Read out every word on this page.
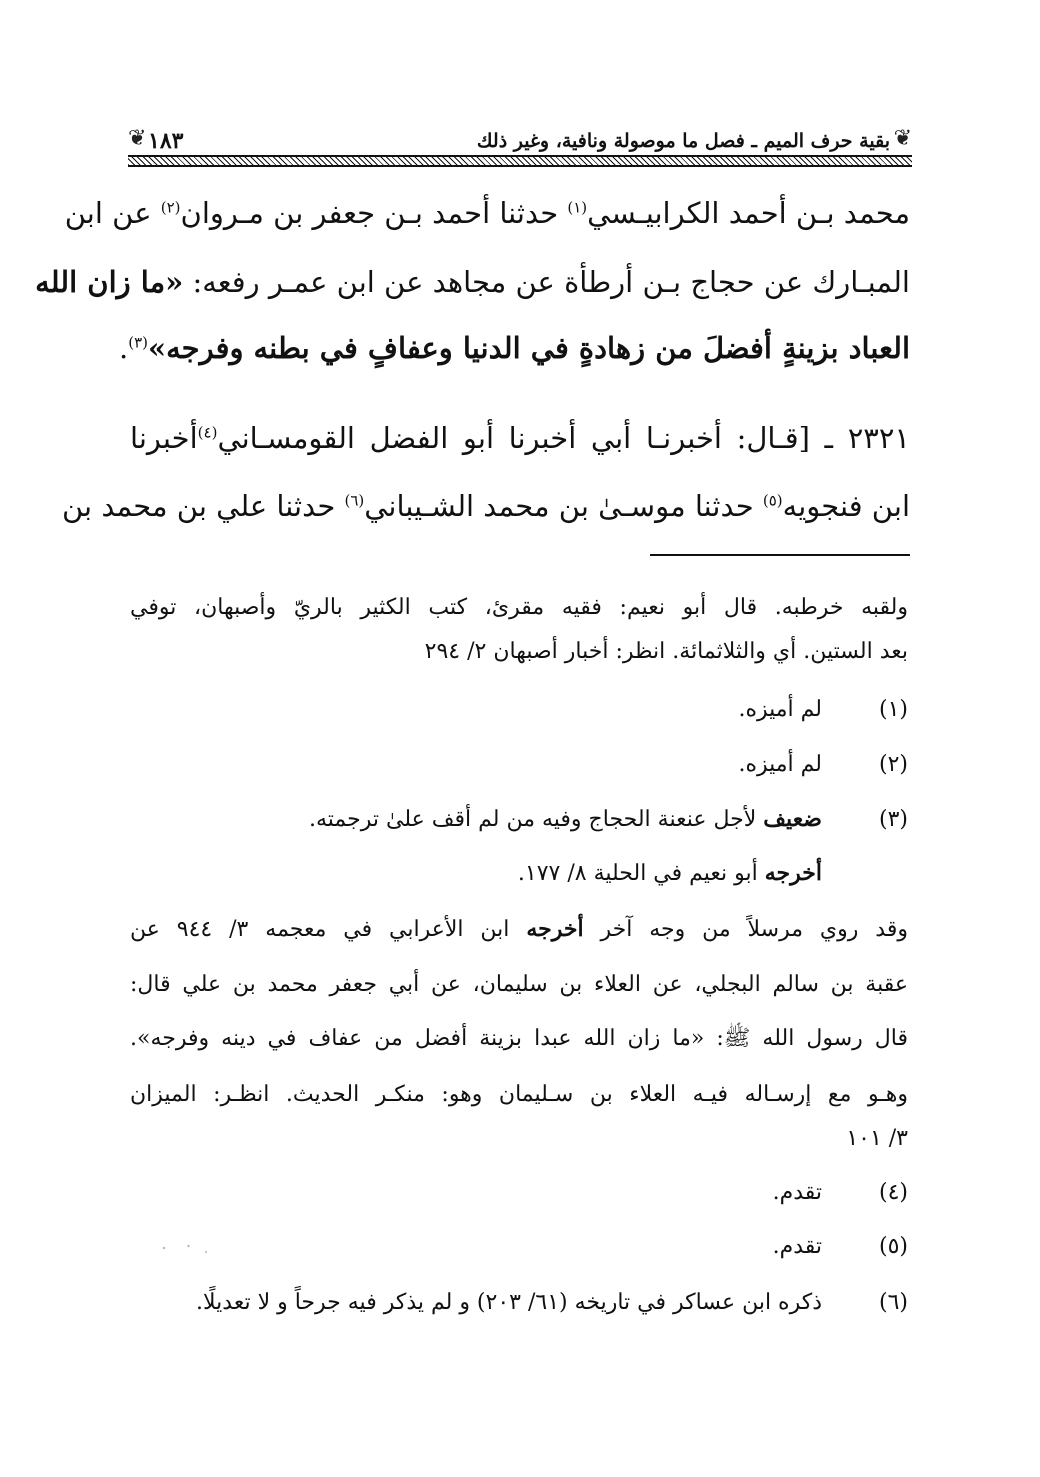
❦
بقية حرف الميم ـ فصل ما موصولة ونافية، وغير ذلك
١٨٣
❦
محمد بـن أحمد الكرابيـسي$^{(١)}$ حدثنا أحمد بـن جعفر بن مـروان$^{(٢)}$ عن ابن
المبـارك عن حجاج بـن أرطأة عن مجاهد عن ابن عمـر رفعه: «ما زان الله
العباد بزينةٍ أفضلَ من زهادةٍ في الدنيا وعفافٍ في بطنه وفرجه»$^{(٣)}$.
٢٣٢١ ـ [قـال: أخبرنـا أبي أخبرنا أبو الفضل القومسـاني$^{(٤)}$أخبرنا
ابن فنجويه$^{(٥)}$ حدثنا موسـىٰ بن محمد الشـيباني$^{(٦)}$ حدثنا علي بن محمد بن
ولقبه خرطبه. قال أبو نعيم: فقيه مقرئ، كتب الكثير بالريّ وأصبهان، توفي
بعد الستين. أي والثلاثمائة. انظر: أخبار أصبهان ٢/ ٢٩٤
(١)لم أميزه.
(٢)لم أميزه.
(٣)ضعيف لأجل عنعنة الحجاج وفيه من لم أقف علىٰ ترجمته.
أخرجه أبو نعيم في الحلية ٨/ ١٧٧.
وقد روي مرسلاً من وجه آخر أخرجه ابن الأعرابي في معجمه ٣/ ٩٤٤ عن
عقبة بن سالم البجلي، عن العلاء بن سليمان، عن أبي جعفر محمد بن علي قال:
قال رسول الله ﷺ: «ما زان الله عبدا بزينة أفضل من عفاف في دينه وفرجه».
وهـو مع إرسـاله فيـه العلاء بن سـليمان وهو: منكـر الحديث. انظـر: الميزان
٣/ ١٠١
(٤)تقدم.
(٥)تقدم.
(٦)ذكره ابن عساكر في تاريخه (٦١/ ٢٠٣) و لم يذكر فيه جرحاً و لا تعديلًا.
